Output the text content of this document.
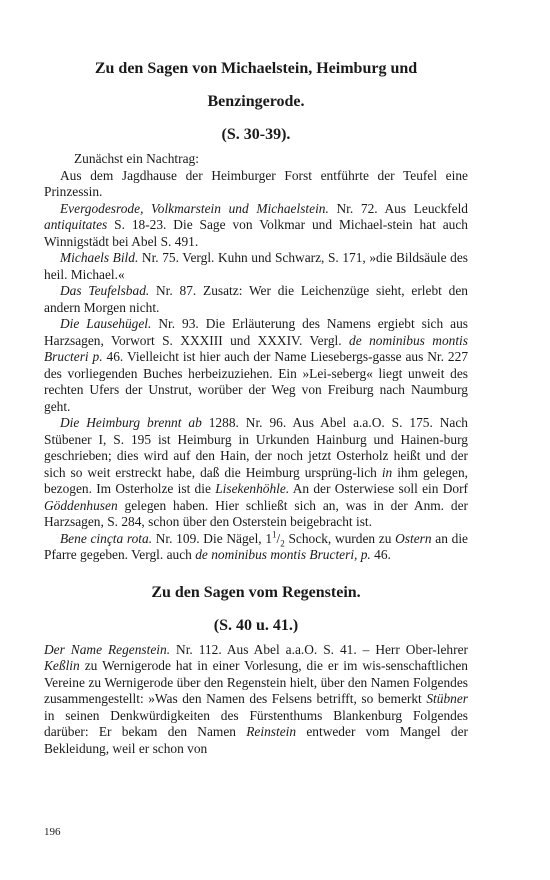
Zu den Sagen von Michaelstein, Heimburg und
Benzingerode.
(S. 30-39).

Zunächst ein Nachtrag:

Aus dem Jagdhause der Heimburger Forst entführte der Teufel eine Prinzessin.

Evergodesrode, Volkmarstein und Michaelstein. Nr. 72. Aus Leuckfeld antiquitates S. 18-23. Die Sage von Volkmar und Michael-stein hat auch Winnigstädt bei Abel S. 491.

Michaels Bild. Nr. 75. Vergl. Kuhn und Schwarz, S. 171, »die Bildsäule des heil. Michael.«

Das Teufelsbad. Nr. 87. Zusatz: Wer die Leichenzüge sieht, erlebt den andern Morgen nicht.

Die Lausehügel. Nr. 93. Die Erläuterung des Namens ergiebt sich aus Harzsagen, Vorwort S. XXXIII und XXXIV. Vergl. de nominibus montis Bructeri p. 46. Vielleicht ist hier auch der Name Liesebergs-gasse aus Nr. 227 des vorliegenden Buches herbeizuziehen. Ein »Lei-seberg« liegt unweit des rechten Ufers der Unstrut, worüber der Weg von Freiburg nach Naumburg geht.

Die Heimburg brennt ab 1288. Nr. 96. Aus Abel a.a.O. S. 175. Nach Stübener I, S. 195 ist Heimburg in Urkunden Hainburg und Hainen-burg geschrieben; dies wird auf den Hain, der noch jetzt Osterholz heißt und der sich so weit erstreckt habe, daß die Heimburg ursprüng-lich in ihm gelegen, bezogen. Im Osterholze ist die Lisekenhöhle. An der Osterwiese soll ein Dorf Göddenhusen gelegen haben. Hier schließt sich an, was in der Anm. der Harzsagen, S. 284, schon über den Osterstein beigebracht ist.

Bene cinçta rota. Nr. 109. Die Nägel, $1^1/_2$ Schock, wurden zu Ostern an die Pfarre gegeben. Vergl. auch de nominibus montis Bructeri, p. 46.

Zu den Sagen vom Regenstein.
(S. 40 u. 41.)

Der Name Regenstein. Nr. 112. Aus Abel a.a.O. S. 41. – Herr Ober-lehrer Keßlin zu Wernigerode hat in einer Vorlesung, die er im wis-senschaftlichen Vereine zu Wernigerode über den Regenstein hielt, über den Namen Folgendes zusammengestellt: »Was den Namen des Felsens betrifft, so bemerkt Stübner in seinen Denkwürdigkeiten des Fürstenthums Blankenburg Folgendes darüber: Er bekam den Namen Reinstein entweder vom Mangel der Bekleidung, weil er schon von

196
